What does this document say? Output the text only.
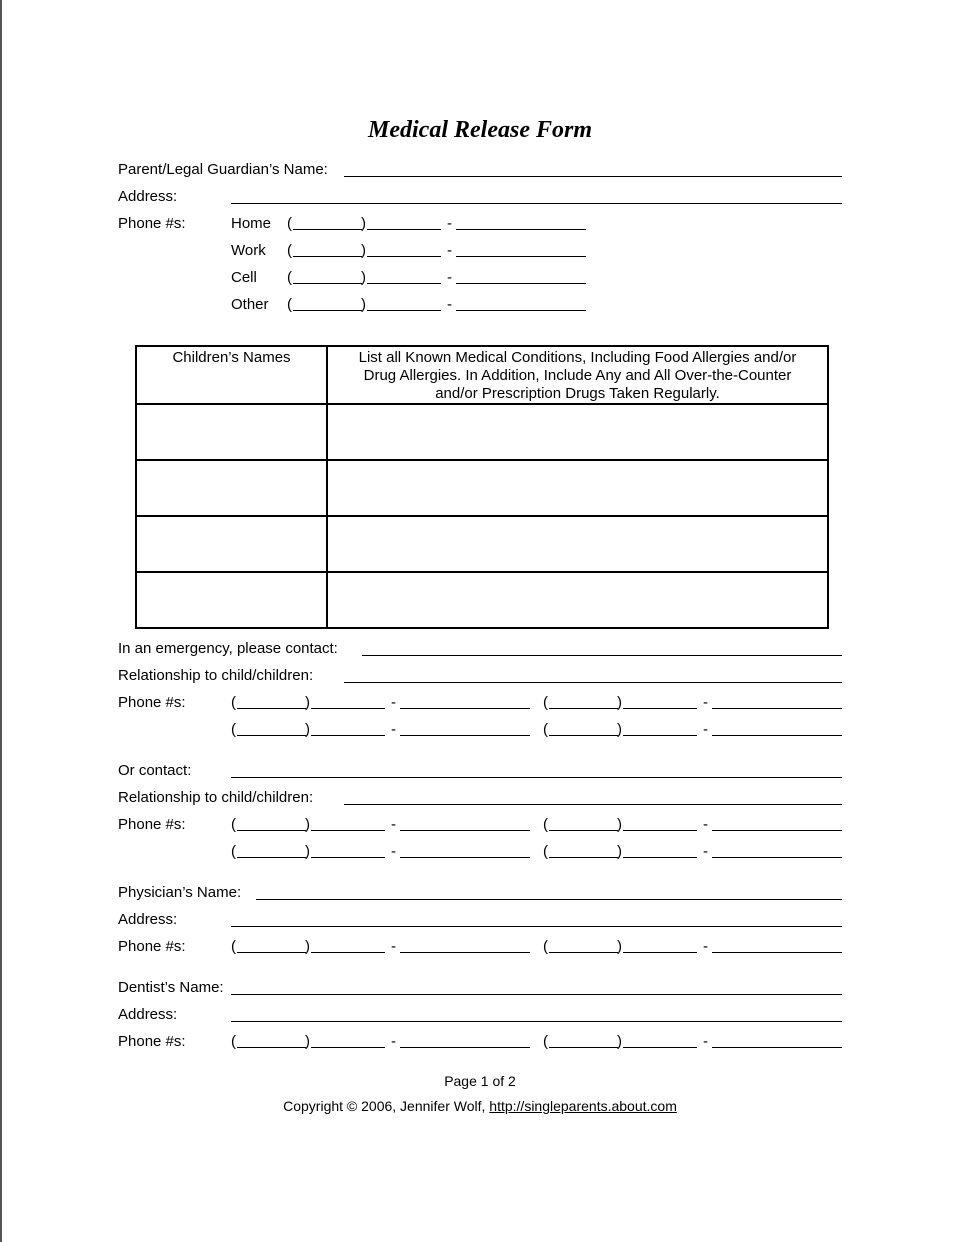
Medical Release Form
Parent/Legal Guardian’s Name:
Address:
Phone #s:	Home (	)	-
Work (	)	-
Cell (	)	-
Other (	)	-
Children’s Names	List all Known Medical Conditions, Including Food Allergies and/or Drug Allergies. In Addition, Include Any and All Over-the-Counter and/or Prescription Drugs Taken Regularly.

In an emergency, please contact:
Relationship to child/children:
Phone #s:	(	)	-	(	)	-
(	)	-	(	)	-
Or contact:
Relationship to child/children:
Phone #s:	(	)	-	(	)	-
(	)	-	(	)	-
Physician’s Name:
Address:
Phone #s:	(	)	-	(	)	-
Dentist’s Name:
Address:
Phone #s:	(	)	-	(	)	-
Page 1 of 2
Copyright © 2006, Jennifer Wolf, http://singleparents.about.com
